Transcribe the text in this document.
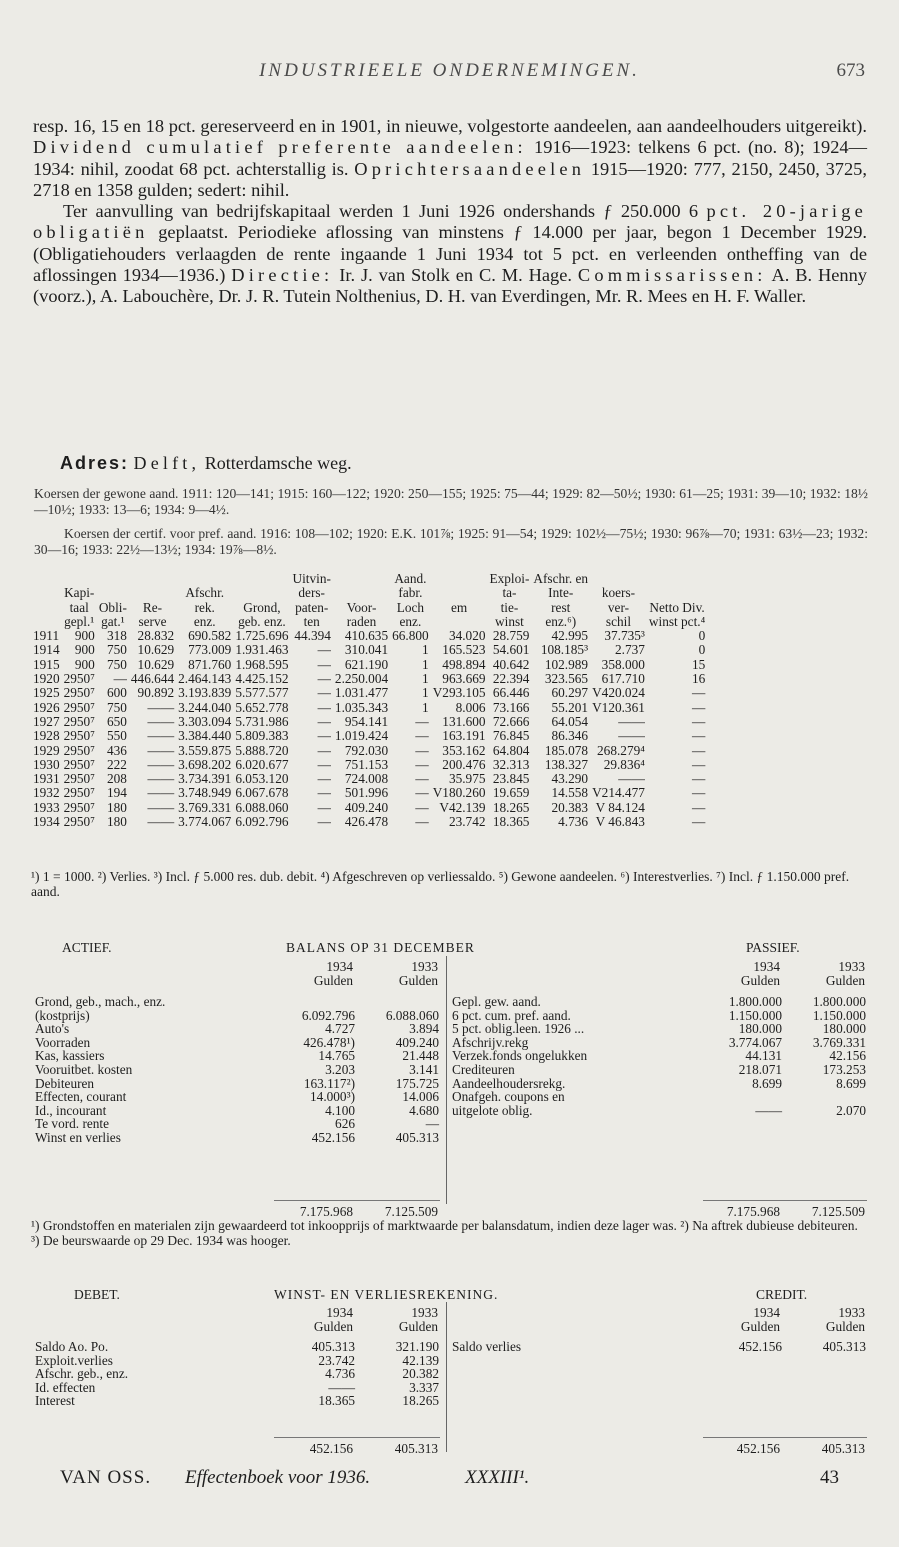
INDUSTRIEELE ONDERNEMINGEN.	673

resp. 16, 15 en 18 pct. gereserveerd en in 1901, in nieuwe, volgestorte aandeelen, aan aandeelhouders uitgereikt). Dividend cumulatief preferente aandeelen: 1916—1923: telkens 6 pct. (no. 8); 1924—1934: nihil, zoodat 68 pct. achterstallig is. Oprichtersaandeelen 1915—1920: 777, 2150, 2450, 3725, 2718 en 1358 gulden; sedert: nihil.

Ter aanvulling van bedrijfskapitaal werden 1 Juni 1926 ondershands ƒ 250.000 6 pct. 20-jarige obligatiën geplaatst. Periodieke aflossing van minstens ƒ 14.000 per jaar, begon 1 December 1929. (Obligatiehouders verlaagden de rente ingaande 1 Juni 1934 tot 5 pct. en verleenden ontheffing van de aflossingen 1934—1936.) Directie: Ir. J. van Stolk en C. M. Hage. Commissarissen: A. B. Henny (voorz.), A. Labouchère, Dr. J. R. Tutein Nolthenius, D. H. van Everdingen, Mr. R. Mees en H. F. Waller.

Adres: Delft, Rotterdamsche weg.
Koersen der gewone aand. 1911: 120—141; 1915: 160—122; 1920: 250—155; 1925: 75—44; 1929: 82—50½; 1930: 61—25; 1931: 39—10; 1932: 18½—10½; 1933: 13—6; 1934: 9—4½.
Koersen der certif. voor pref. aand. 1916: 108—102; 1920: E.K. 101⅞; 1925: 91—54; 1929: 102½—75½; 1930: 96⅞—70; 1931: 63½—23; 1932: 30—16; 1933: 22½—13½; 1934: 19⅞—8½.
						Uitvin-		Aand.		Exploi-	Afschr. en		
	Kapi-			Afschr.		ders-		fabr.		ta-	Inte-	koers-	
	taal	Obli-	Re-	rek.	Grond,	paten-	Voor-	Loch	em	tie-	rest	ver-	Netto Div.
	gepl.¹	gat.¹	serve	enz.	geb. enz.	ten	raden	enz.		winst	enz.⁶)	schil	winst pct.⁴
1911	900	318	28.832	690.582	1.725.696	44.394	410.635	66.800	34.020	28.759	42.995	37.735³	0
1914	900	750	10.629	773.009	1.931.463	—	310.041	1	165.523	54.601	108.185³	2.737	0
1915	900	750	10.629	871.760	1.968.595	—	621.190	1	498.894	40.642	102.989	358.000	15
1920	2950⁷	—	446.644	2.464.143	4.425.152	—	2.250.004	1	963.669	22.394	323.565	617.710	16
1925	2950⁷	600	90.892	3.193.839	5.577.577	—	1.031.477	1	V293.105	66.446	60.297	V420.024	—
1926	2950⁷	750	——	3.244.040	5.652.778	—	1.035.343	1	8.006	73.166	55.201	V120.361	—
1927	2950⁷	650	——	3.303.094	5.731.986	—	954.141	—	131.600	72.666	64.054	——	—
1928	2950⁷	550	——	3.384.440	5.809.383	—	1.019.424	—	163.191	76.845	86.346	——	—
1929	2950⁷	436	——	3.559.875	5.888.720	—	792.030	—	353.162	64.804	185.078	268.279⁴	—
1930	2950⁷	222	——	3.698.202	6.020.677	—	751.153	—	200.476	32.313	138.327	29.836⁴	—
1931	2950⁷	208	——	3.734.391	6.053.120	—	724.008	—	35.975	23.845	43.290	——	—
1932	2950⁷	194	——	3.748.949	6.067.678	—	501.996	—	V180.260	19.659	14.558	V214.477	—
1933	2950⁷	180	——	3.769.331	6.088.060	—	409.240	—	V42.139	18.265	20.383	V 84.124	—
1934	2950⁷	180	——	3.774.067	6.092.796	—	426.478	—	23.742	18.365	4.736	V 46.843	—
¹) 1 = 1000. ²) Verlies. ³) Incl. ƒ 5.000 res. dub. debit. ⁴) Afgeschreven op verliessaldo. ⁵) Gewone aandeelen. ⁶) Interestverlies. ⁷) Incl. ƒ 1.150.000 pref. aand.
ACTIEF.	BALANS OP 31 DECEMBER	PASSIEF.
1934	1933
Gulden	Gulden
1934	1933
Gulden	Gulden
Grond, geb., mach., enz.		
(kostprijs)	6.092.796	6.088.060
Auto's	4.727	3.894
Voorraden	426.478¹)	409.240
Kas, kassiers	14.765	21.448
Vooruitbet. kosten	3.203	3.141
Debiteuren	163.117²)	175.725
Effecten, courant	14.000³)	14.006
Id., incourant	4.100	4.680
Te vord. rente	626	—
Winst en verlies	452.156	405.313
Gepl. gew. aand.	1.800.000	1.800.000
6 pct. cum. pref. aand.	1.150.000	1.150.000
5 pct. oblig.leen. 1926 ...	180.000	180.000
Afschrijv.rekg	3.774.067	3.769.331
Verzek.fonds ongelukken	44.131	42.156
Crediteuren	218.071	173.253
Aandeelhoudersrekg.	8.699	8.699
Onafgeh. coupons en		
uitgelote oblig.	——	2.070
7.175.968	7.125.509	7.175.968	7.125.509
¹) Grondstoffen en materialen zijn gewaardeerd tot inkoopprijs of marktwaarde per balansdatum, indien deze lager was. ²) Na aftrek dubieuse debiteuren. ³) De beurswaarde op 29 Dec. 1934 was hooger.
DEBET.	WINST- EN VERLIESREKENING.	CREDIT.
1934	1933
Gulden	Gulden
1934	1933
Gulden	Gulden
Saldo Ao. Po.	405.313	321.190
Exploit.verlies	23.742	42.139
Afschr. geb., enz.	4.736	20.382
Id. effecten	——	3.337
Interest	18.365	18.265
Saldo verlies	452.156	405.313
452.156	405.313	452.156	405.313
VAN OSS. Effectenboek voor 1936.	XXXIII¹.	43
